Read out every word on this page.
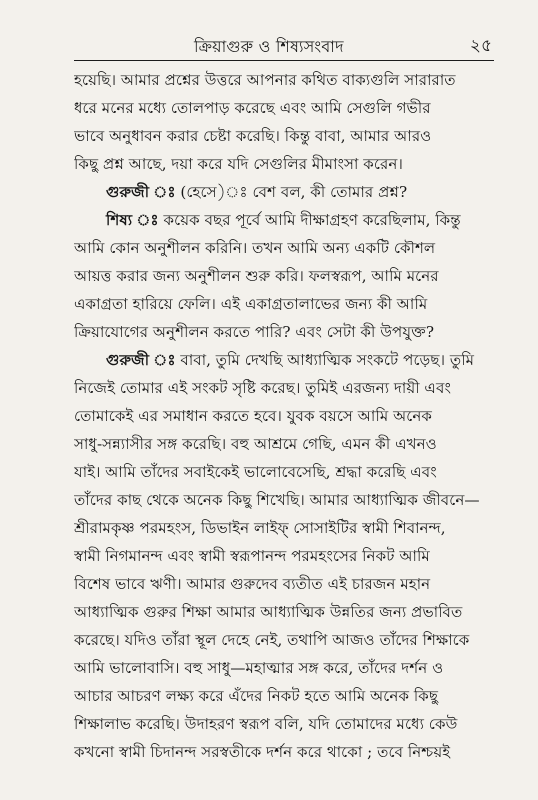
ক্রিয়াগুরু ও শিষ্যসংবাদ	২৫
হয়েছি। আমার প্রশ্নের উত্তরে আপনার কথিত বাক্যগুলি সারারাত
ধরে মনের মধ্যে তোলপাড় করেছে এবং আমি সেগুলি গভীর
ভাবে অনুধাবন করার চেষ্টা করেছি। কিন্তু বাবা, আমার আরও
কিছু প্রশ্ন আছে, দয়া করে যদি সেগুলির মীমাংসা করেন।
গুরুজী ঃ (হেসে)ঃ বেশ বল, কী তোমার প্রশ্ন?
শিষ্য ঃ কয়েক বছর পূর্বে আমি দীক্ষাগ্রহণ করেছিলাম, কিন্তু
আমি কোন অনুশীলন করিনি। তখন আমি অন্য একটি কৌশল
আয়ত্ত করার জন্য অনুশীলন শুরু করি। ফলস্বরূপ, আমি মনের
একাগ্রতা হারিয়ে ফেলি। এই একাগ্রতালাভের জন্য কী আমি
ক্রিয়াযোগের অনুশীলন করতে পারি? এবং সেটা কী উপযুক্ত?
গুরুজী ঃ বাবা, তুমি দেখছি আধ্যাত্মিক সংকটে পড়েছ। তুমি
নিজেই তোমার এই সংকট সৃষ্টি করেছ। তুমিই এরজন্য দায়ী এবং
তোমাকেই এর সমাধান করতে হবে। যুবক বয়সে আমি অনেক
সাধু-সন্ন্যাসীর সঙ্গ করেছি। বহু আশ্রমে গেছি, এমন কী এখনও
যাই। আমি তাঁদের সবাইকেই ভালোবেসেছি, শ্রদ্ধা করেছি এবং
তাঁদের কাছ থেকে অনেক কিছু শিখেছি। আমার আধ্যাত্মিক জীবনে—
শ্রীরামকৃষ্ণ পরমহংস, ডিভাইন লাইফ্ সোসাইটির স্বামী শিবানন্দ,
স্বামী নিগমানন্দ এবং স্বামী স্বরূপানন্দ পরমহংসের নিকট আমি
বিশেষ ভাবে ঋণী। আমার গুরুদেব ব্যতীত এই চারজন মহান
আধ্যাত্মিক গুরুর শিক্ষা আমার আধ্যাত্মিক উন্নতির জন্য প্রভাবিত
করেছে। যদিও তাঁরা স্থূল দেহে নেই, তথাপি আজও তাঁদের শিক্ষাকে
আমি ভালোবাসি। বহু সাধু—মহাত্মার সঙ্গ করে, তাঁদের দর্শন ও
আচার আচরণ লক্ষ্য করে এঁদের নিকট হতে আমি অনেক কিছু
শিক্ষালাভ করেছি। উদাহরণ স্বরূপ বলি, যদি তোমাদের মধ্যে কেউ
কখনো স্বামী চিদানন্দ সরস্বতীকে দর্শন করে থাকো ; তবে নিশ্চয়ই
